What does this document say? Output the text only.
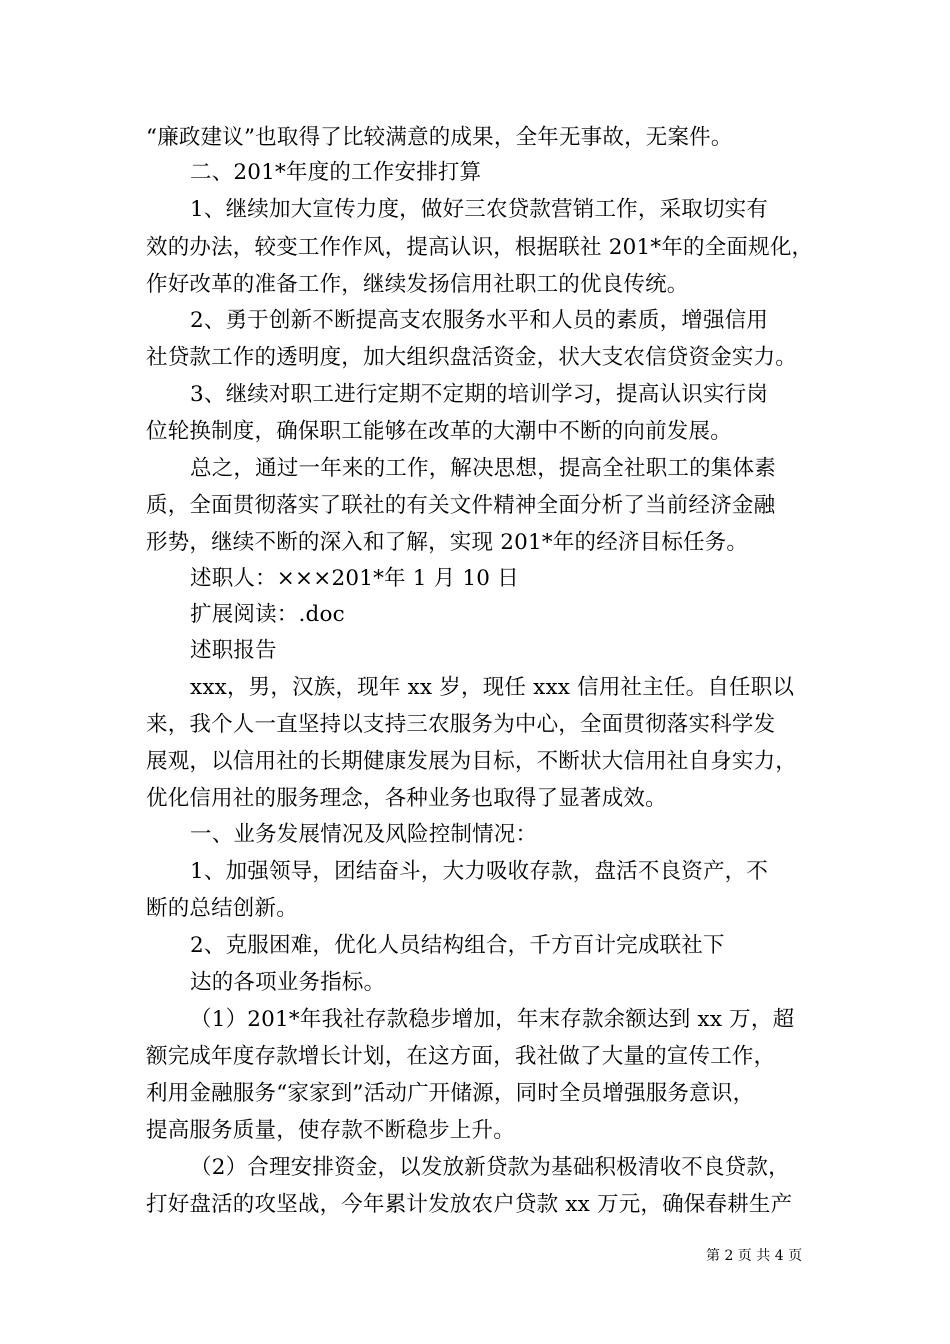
“廉政建议”也取得了比较满意的成果，全年无事故，无案件。
二、201*年度的工作安排打算
1、继续加大宣传力度，做好三农贷款营销工作，采取切实有
效的办法，较变工作作风，提高认识，根据联社 201*年的全面规化，
作好改革的准备工作，继续发扬信用社职工的优良传统。
2、勇于创新不断提高支农服务水平和人员的素质，增强信用
社贷款工作的透明度，加大组织盘活资金，状大支农信贷资金实力。
3、继续对职工进行定期不定期的培训学习，提高认识实行岗
位轮换制度，确保职工能够在改革的大潮中不断的向前发展。
总之，通过一年来的工作，解决思想，提高全社职工的集体素
质，全面贯彻落实了联社的有关文件精神全面分析了当前经济金融
形势，继续不断的深入和了解，实现 201*年的经济目标任务。
述职人：×××201*年 1 月 10 日
扩展阅读：.doc
述职报告
xxx，男，汉族，现年 xx 岁，现任 xxx 信用社主任。自任职以
来，我个人一直坚持以支持三农服务为中心，全面贯彻落实科学发
展观，以信用社的长期健康发展为目标，不断状大信用社自身实力，
优化信用社的服务理念，各种业务也取得了显著成效。
一、业务发展情况及风险控制情况：
1、加强领导，团结奋斗，大力吸收存款，盘活不良资产，不
断的总结创新。
2、克服困难，优化人员结构组合，千方百计完成联社下
达的各项业务指标。
（1）201*年我社存款稳步增加，年末存款余额达到 xx 万，超
额完成年度存款增长计划，在这方面，我社做了大量的宣传工作，
利用金融服务“家家到”活动广开储源，同时全员增强服务意识，
提高服务质量，使存款不断稳步上升。
（2）合理安排资金，以发放新贷款为基础积极清收不良贷款，
打好盘活的攻坚战，今年累计发放农户贷款 xx 万元，确保春耕生产
第 2 页 共 4 页
